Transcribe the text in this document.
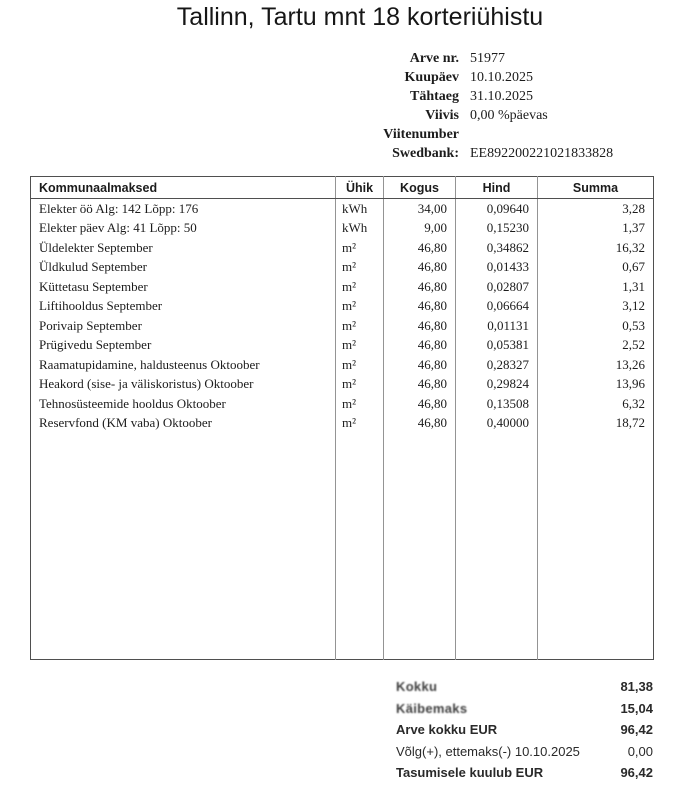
Tallinn, Tartu mnt 18 korteriühistu
Arve nr. 51977
Kuupäev 10.10.2025
Tähtaeg 31.10.2025
Viivis 0,00 %päevas
Viitenumber
Swedbank: EE892200221021833828
Kommunaalmaksed	Ühik	Kogus	Hind	Summa
Elekter öö Alg: 142 Lõpp: 176	kWh	34,00	0,09640	3,28
Elekter päev Alg: 41 Lõpp: 50	kWh	9,00	0,15230	1,37
Üldelekter September	m²	46,80	0,34862	16,32
Üldkulud September	m²	46,80	0,01433	0,67
Küttetasu September	m²	46,80	0,02807	1,31
Liftihooldus September	m²	46,80	0,06664	3,12
Porivaip September	m²	46,80	0,01131	0,53
Prügivedu September	m²	46,80	0,05381	2,52
Raamatupidamine, haldusteenus Oktoober	m²	46,80	0,28327	13,26
Heakord (sise- ja väliskoristus) Oktoober	m²	46,80	0,29824	13,96
Tehnosüsteemide hooldus Oktoober	m²	46,80	0,13508	6,32
Reservfond (KM vaba) Oktoober	m²	46,80	0,40000	18,72

Kokku	81,38
Käibemaks	15,04
Arve kokku EUR	96,42
Võlg(+), ettemaks(-) 10.10.2025	0,00
Tasumisele kuulub EUR	96,42
